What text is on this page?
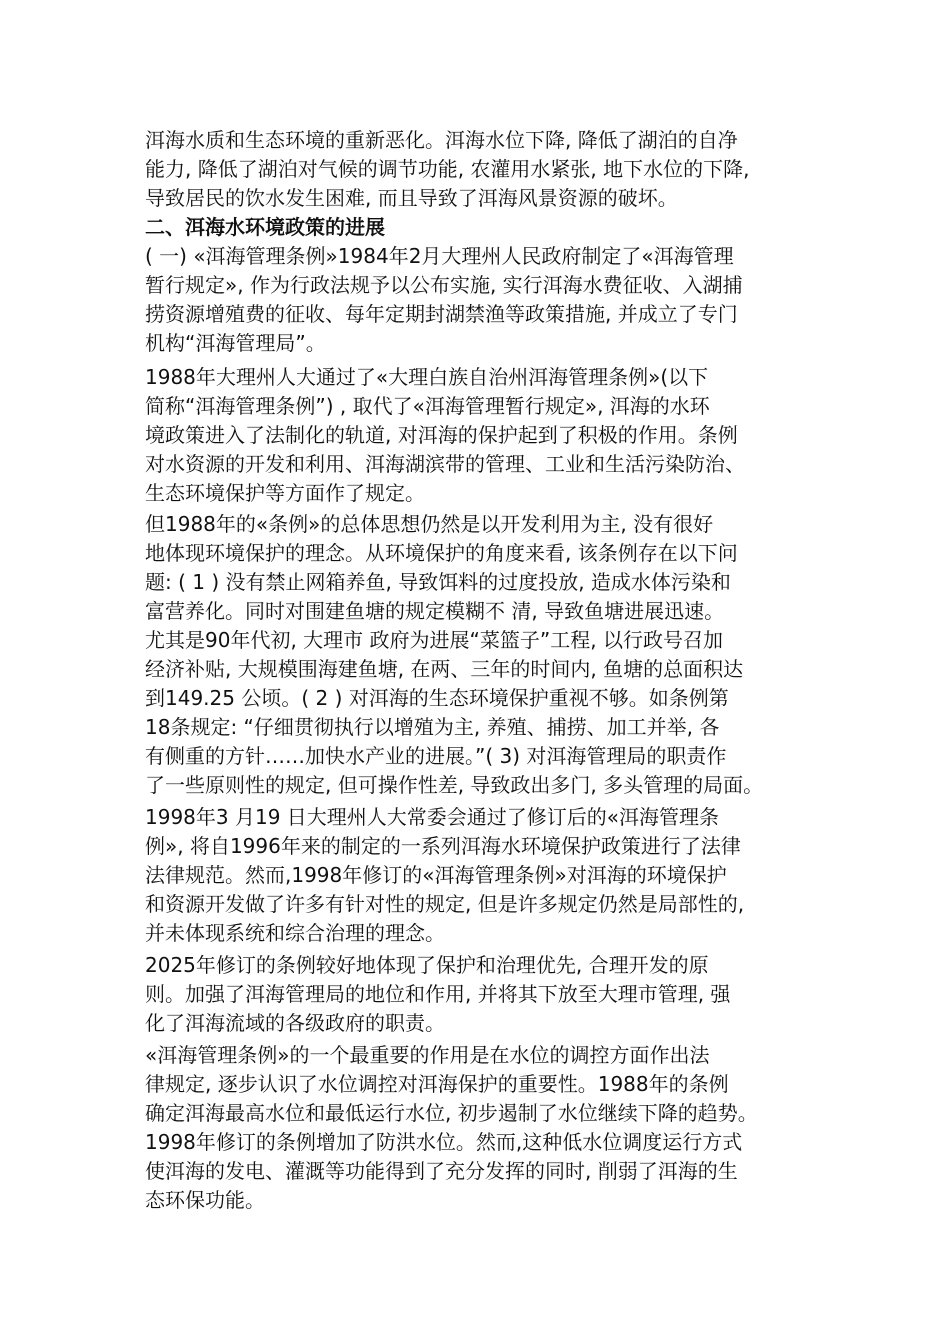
洱海水质和生态环境的重新恶化。洱海水位下降, 降低了湖泊的自净
能力, 降低了湖泊对气候的调节功能, 农灌用水紧张, 地下水位的下降,
导致居民的饮水发生困难, 而且导致了洱海风景资源的破坏。
二、洱海水环境政策的进展
( 一) «洱海管理条例»1984年2月大理州人民政府制定了«洱海管理
暂行规定», 作为行政法规予以公布实施, 实行洱海水费征收、入湖捕
捞资源增殖费的征收、每年定期封湖禁渔等政策措施, 并成立了专门
机构“洱海管理局”。
1988年大理州人大通过了«大理白族自治州洱海管理条例»(以下
简称“洱海管理条例”) , 取代了«洱海管理暂行规定», 洱海的水环
境政策进入了法制化的轨道, 对洱海的保护起到了积极的作用。条例
对水资源的开发和利用、洱海湖滨带的管理、工业和生活污染防治、
生态环境保护等方面作了规定。
但1988年的«条例»的总体思想仍然是以开发利用为主, 没有很好
地体现环境保护的理念。从环境保护的角度来看, 该条例存在以下问
题: ( 1 ) 没有禁止网箱养鱼, 导致饵料的过度投放, 造成水体污染和
富营养化。同时对围建鱼塘的规定模糊不 清, 导致鱼塘进展迅速。
尤其是90年代初, 大理市 政府为进展“菜篮子”工程, 以行政号召加
经济补贴, 大规模围海建鱼塘, 在两、三年的时间内, 鱼塘的总面积达
到149.25 公顷。( 2 ) 对洱海的生态环境保护重视不够。如条例第
18条规定: “仔细贯彻执行以增殖为主, 养殖、捕捞、加工并举, 各
有侧重的方针……加快水产业的进展。”( 3) 对洱海管理局的职责作
了一些原则性的规定, 但可操作性差, 导致政出多门, 多头管理的局面。
1998年3 月19 日大理州人大常委会通过了修订后的«洱海管理条
例», 将自1996年来的制定的一系列洱海水环境保护政策进行了法律
法律规范。然而,1998年修订的«洱海管理条例»对洱海的环境保护
和资源开发做了许多有针对性的规定, 但是许多规定仍然是局部性的,
并未体现系统和综合治理的理念。
2025年修订的条例较好地体现了保护和治理优先, 合理开发的原
则。加强了洱海管理局的地位和作用, 并将其下放至大理市管理, 强
化了洱海流域的各级政府的职责。
«洱海管理条例»的一个最重要的作用是在水位的调控方面作出法
律规定, 逐步认识了水位调控对洱海保护的重要性。1988年的条例
确定洱海最高水位和最低运行水位, 初步遏制了水位继续下降的趋势。
1998年修订的条例增加了防洪水位。然而,这种低水位调度运行方式
使洱海的发电、灌溉等功能得到了充分发挥的同时, 削弱了洱海的生
态环保功能。
